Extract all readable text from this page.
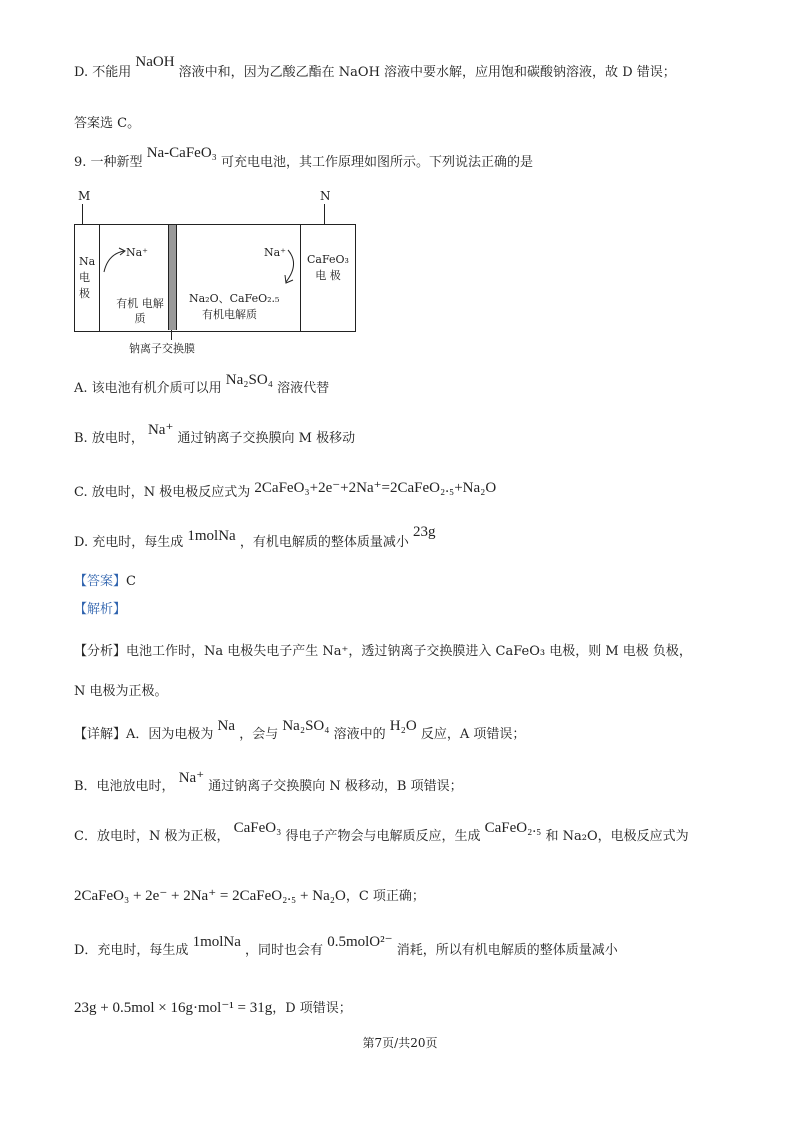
D. 不能用 NaOH 溶液中和，因为乙酸乙酯在 NaOH 溶液中要水解，应用饱和碳酸钠溶液，故 D 错误；
答案选 C。
9. 一种新型 Na-CaFeO₃ 可充电电池，其工作原理如图所示。下列说法正确的是
M	N
Na 电 极
CaFeO₃ 电 极
Na⁺
有机 电解质
Na⁺
Na₂O、CaFeO₂.₅
有机电解质
钠离子交换膜
A. 该电池有机介质可以用 Na₂SO₄ 溶液代替
B. 放电时， Na⁺ 通过钠离子交换膜向 M 极移动
C. 放电时，N 极电极反应式为 2CaFeO₃+2e⁻+2Na⁺=2CaFeO₂.₅+Na₂O
D. 充电时，每生成 1molNa ，有机电解质的整体质量减小 23g
【答案】C
【解析】
【分析】电池工作时，Na 电极失电子产生 Na⁺，透过钠离子交换膜进入 CaFeO₃ 电极，则 M 电极 负极，
N 电极为正极。
【详解】A．因为电极为 Na ，会与 Na₂SO₄ 溶液中的 H₂O 反应，A 项错误；
B．电池放电时， Na⁺ 通过钠离子交换膜向 N 极移动，B 项错误；
C．放电时，N 极为正极， CaFeO₃ 得电子产物会与电解质反应，生成 CaFeO₂.₅ 和 Na₂O，电极反应式为
2CaFeO₃ + 2e⁻ + 2Na⁺ = 2CaFeO₂.₅ + Na₂O，C 项正确；
D．充电时，每生成 1molNa ，同时也会有 0.5molO²⁻ 消耗，所以有机电解质的整体质量减小
23g + 0.5mol × 16g·mol⁻¹ = 31g，D 项错误；
第7页/共20页
